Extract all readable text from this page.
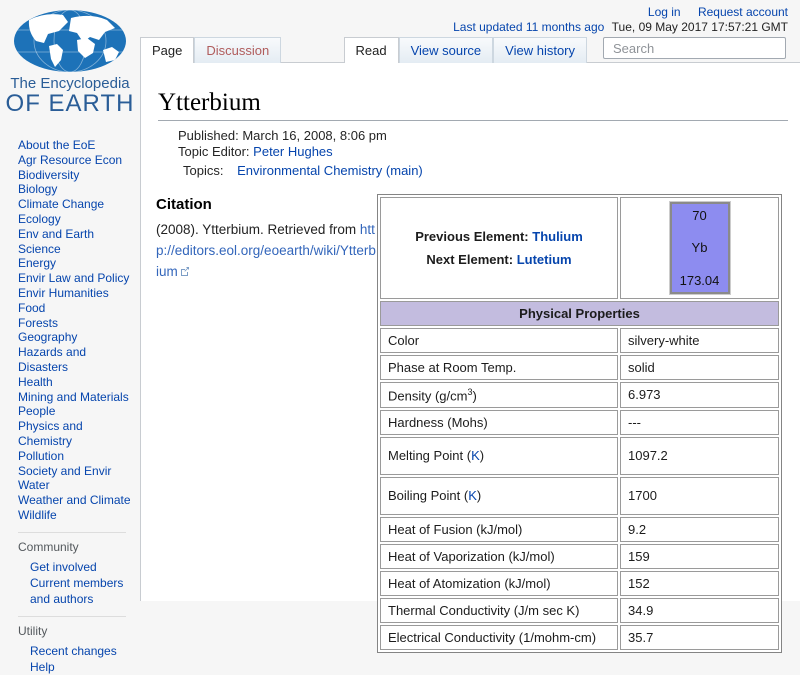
Log in Request account
Last updated 11 months ago Tue, 09 May 2017 17:57:21 GMT
The Encyclopedia
OF EARTH
About the EoE
Agr Resource Econ
Biodiversity
Biology
Climate Change
Ecology
Env and Earth Science
Energy
Envir Law and Policy
Envir Humanities
Food
Forests
Geography
Hazards and Disasters
Health
Mining and Materials
People
Physics and Chemistry
Pollution
Society and Envir
Water
Weather and Climate
Wildlife
Community
Get involved
Current members and authors
Utility
Recent changes
Help
Page	Discussion	Read	View source View history
Search
Ytterbium
Published: March 16, 2008, 8:06 pm
Topic Editor: Peter Hughes
Topics: Environmental Chemistry (main)
Citation
(2008). Ytterbium. Retrieved from http://editors.eol.org/eoearth/wiki/Ytterbium
Previous Element: Thulium
Next Element: Lutetium

70
Yb
173.04

Physical Properties	
Color	silvery-white
Phase at Room Temp.	solid
Density $(g/cm^3)$	6.973
Hardness (Mohs)	---
Melting Point (K)	1097.2
Boiling Point (K)	1700
Heat of Fusion (kJ/mol)	9.2
Heat of Vaporization (kJ/mol)	159
Heat of Atomization (kJ/mol)	152
Thermal Conductivity (J/m sec K)	34.9
Electrical Conductivity (1/mohm-cm)	35.7
